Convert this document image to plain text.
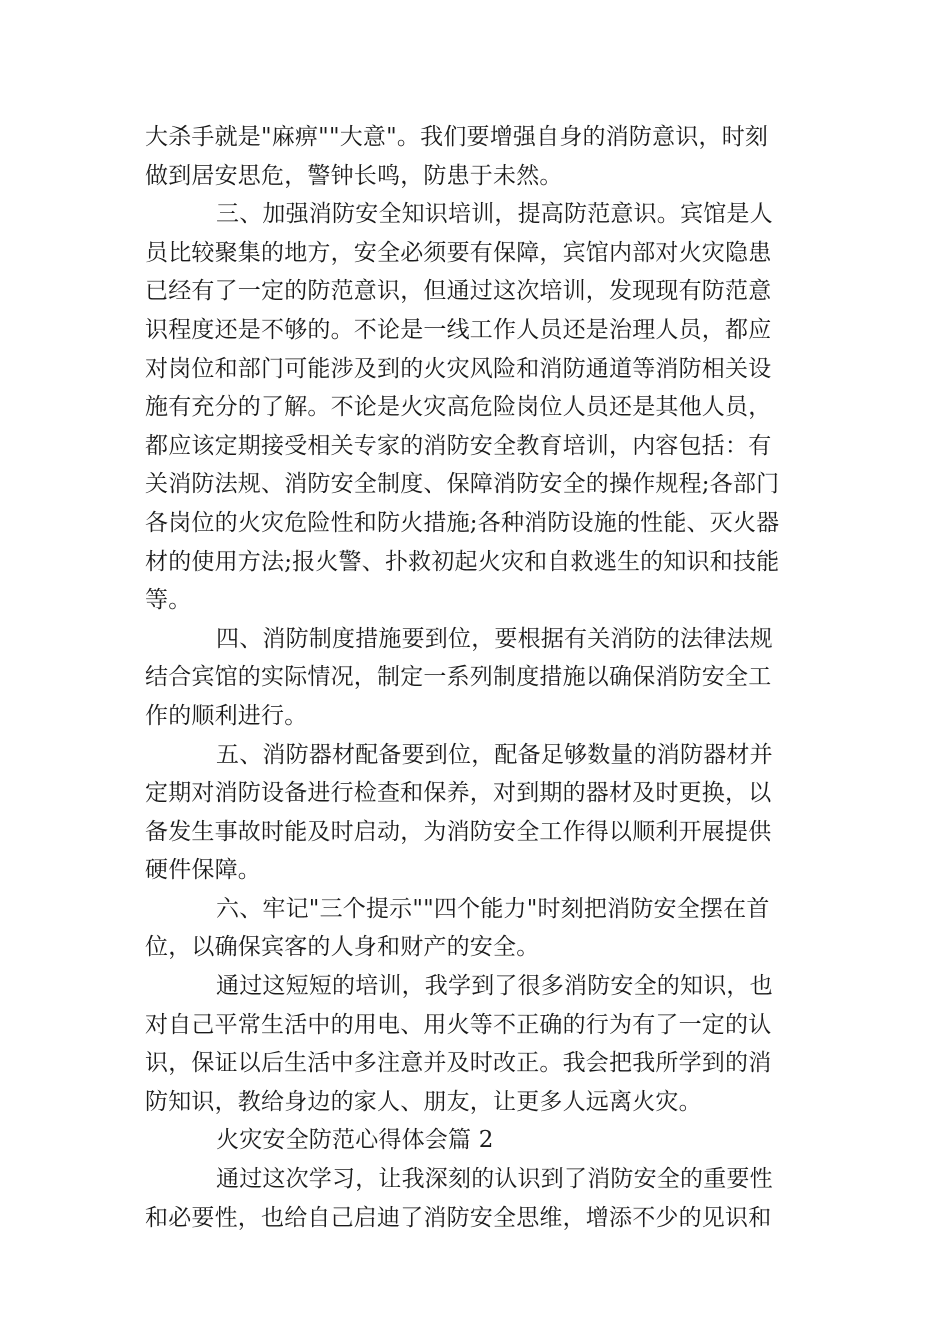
大杀手就是"麻痹""大意"。我们要增强自身的消防意识，时刻
做到居安思危，警钟长鸣，防患于未然。
三、加强消防安全知识培训，提高防范意识。宾馆是人
员比较聚集的地方，安全必须要有保障，宾馆内部对火灾隐患
已经有了一定的防范意识，但通过这次培训，发现现有防范意
识程度还是不够的。不论是一线工作人员还是治理人员，都应
对岗位和部门可能涉及到的火灾风险和消防通道等消防相关设
施有充分的了解。不论是火灾高危险岗位人员还是其他人员，
都应该定期接受相关专家的消防安全教育培训，内容包括：有
关消防法规、消防安全制度、保障消防安全的操作规程;各部门
各岗位的火灾危险性和防火措施;各种消防设施的性能、灭火器
材的使用方法;报火警、扑救初起火灾和自救逃生的知识和技能
等。
四、消防制度措施要到位，要根据有关消防的法律法规
结合宾馆的实际情况，制定一系列制度措施以确保消防安全工
作的顺利进行。
五、消防器材配备要到位，配备足够数量的消防器材并
定期对消防设备进行检查和保养，对到期的器材及时更换，以
备发生事故时能及时启动，为消防安全工作得以顺利开展提供
硬件保障。
六、牢记"三个提示""四个能力"时刻把消防安全摆在首
位，以确保宾客的人身和财产的安全。
通过这短短的培训，我学到了很多消防安全的知识，也
对自己平常生活中的用电、用火等不正确的行为有了一定的认
识，保证以后生活中多注意并及时改正。我会把我所学到的消
防知识，教给身边的家人、朋友，让更多人远离火灾。
火灾安全防范心得体会篇 2
通过这次学习，让我深刻的认识到了消防安全的重要性
和必要性，也给自己启迪了消防安全思维，增添不少的见识和
